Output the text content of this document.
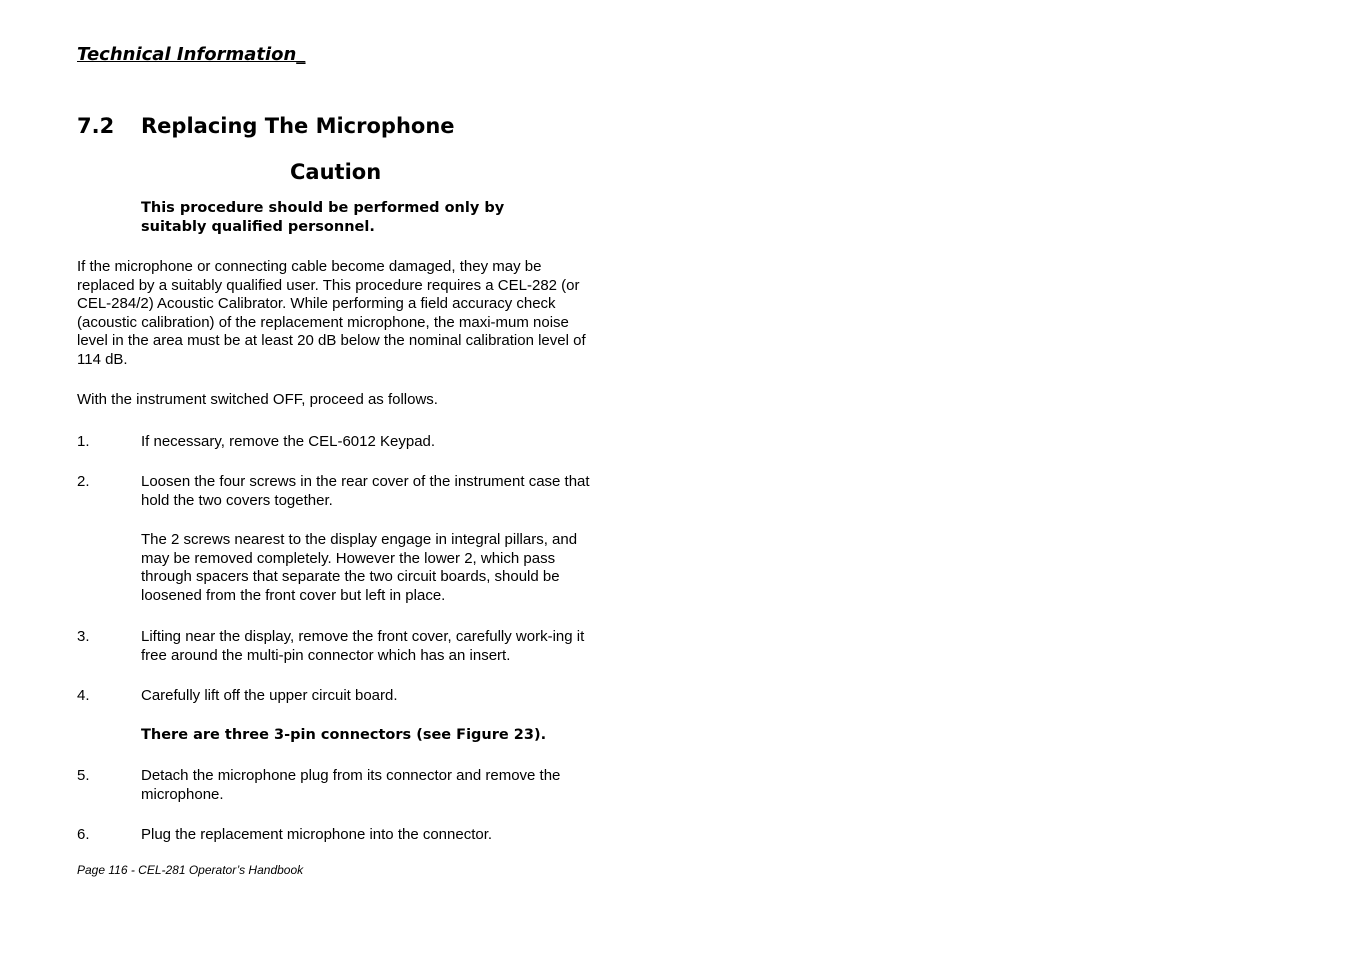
Technical Information_
7.2 Replacing The Microphone
Caution
This procedure should be performed only by suitably qualified personnel.
If the microphone or connecting cable become damaged, they may be replaced by a suitably qualified user. This procedure requires a CEL-282 (or CEL-284/2) Acoustic Calibrator. While performing a field accuracy check (acoustic calibration) of the replacement microphone, the maxi-mum noise level in the area must be at least 20 dB below the nominal calibration level of 114 dB.
With the instrument switched OFF, proceed as follows.
1.	If necessary, remove the CEL-6012 Keypad.
2.	Loosen the four screws in the rear cover of the instrument case that hold the two covers together.
The 2 screws nearest to the display engage in integral pillars, and may be removed completely. However the lower 2, which pass through spacers that separate the two circuit boards, should be loosened from the front cover but left in place.
3.	Lifting near the display, remove the front cover, carefully work-ing it free around the multi-pin connector which has an insert.
4.	Carefully lift off the upper circuit board.
There are three 3-pin connectors (see Figure 23).
5.	Detach the microphone plug from its connector and remove the microphone.
6.	Plug the replacement microphone into the connector.
Page 116 - CEL-281 Operator’s Handbook
